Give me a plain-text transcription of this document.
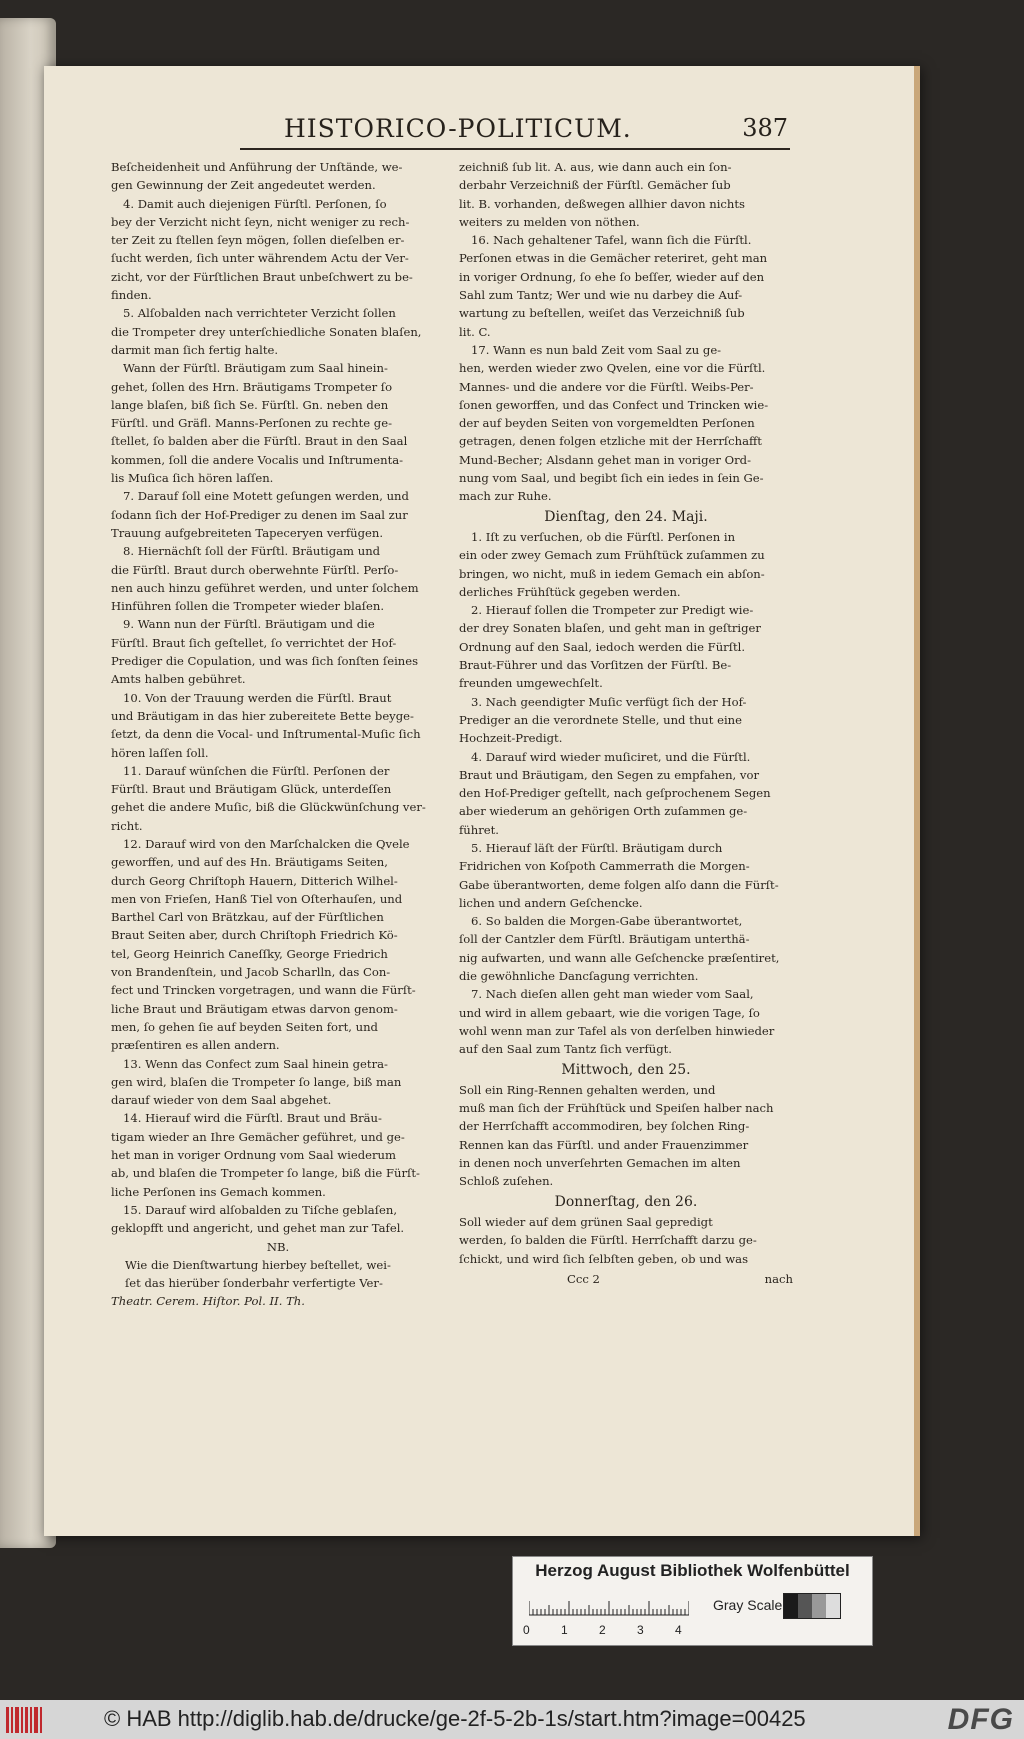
HISTORICO-POLITICUM.	387

Beſcheidenheit und Anführung der Unſtände, we-

gen Gewinnung der Zeit angedeutet werden.

4. Damit auch diejenigen Fürſtl. Perſonen, ſo

bey der Verzicht nicht ſeyn, nicht weniger zu rech-

ter Zeit zu ſtellen ſeyn mögen, ſollen dieſelben er-

ſucht werden, ſich unter währendem Actu der Ver-

zicht, vor der Fürſtlichen Braut unbeſchwert zu be-

finden.

5. Alſobalden nach verrichteter Verzicht ſollen

die Trompeter drey unterſchiedliche Sonaten blaſen,

darmit man ſich fertig halte.

Wann der Fürſtl. Bräutigam zum Saal hinein-

gehet, ſollen des Hrn. Bräutigams Trompeter ſo

lange blaſen, biß ſich Se. Fürſtl. Gn. neben den

Fürſtl. und Gräfl. Manns-Perſonen zu rechte ge-

ſtellet, ſo balden aber die Fürſtl. Braut in den Saal

kommen, ſoll die andere Vocalis und Inſtrumenta-

lis Muſica ſich hören laſſen.

7. Darauf ſoll eine Motett geſungen werden, und

ſodann ſich der Hof-Prediger zu denen im Saal zur

Trauung aufgebreiteten Tapeceryen verfügen.

8. Hiernächſt ſoll der Fürſtl. Bräutigam und

die Fürſtl. Braut durch oberwehnte Fürſtl. Perſo-

nen auch hinzu geführet werden, und unter ſolchem

Hinführen ſollen die Trompeter wieder blaſen.

9. Wann nun der Fürſtl. Bräutigam und die

Fürſtl. Braut ſich geſtellet, ſo verrichtet der Hof-

Prediger die Copulation, und was ſich ſonſten ſeines

Amts halben gebühret.

10. Von der Trauung werden die Fürſtl. Braut

und Bräutigam in das hier zubereitete Bette beyge-

ſetzt, da denn die Vocal- und Inſtrumental-Muſic ſich

hören laſſen ſoll.

11. Darauf wünſchen die Fürſtl. Perſonen der

Fürſtl. Braut und Bräutigam Glück, unterdeſſen

gehet die andere Muſic, biß die Glückwünſchung ver-

richt.

12. Darauf wird von den Marſchalcken die Qvele

geworffen, und auf des Hn. Bräutigams Seiten,

durch Georg Chriſtoph Hauern, Ditterich Wilhel-

men von Frieſen, Hanß Tiel von Oſterhauſen, und

Barthel Carl von Brätzkau, auf der Fürſtlichen

Braut Seiten aber, durch Chriſtoph Friedrich Kö-

tel, Georg Heinrich Caneſſky, George Friedrich

von Brandenſtein, und Jacob Scharlln, das Con-

fect und Trincken vorgetragen, und wann die Fürſt-

liche Braut und Bräutigam etwas darvon genom-

men, ſo gehen ſie auf beyden Seiten fort, und

præſentiren es allen andern.

13. Wenn das Confect zum Saal hinein getra-

gen wird, blaſen die Trompeter ſo lange, biß man

darauf wieder von dem Saal abgehet.

14. Hierauf wird die Fürſtl. Braut und Bräu-

tigam wieder an Ihre Gemächer geführet, und ge-

het man in voriger Ordnung vom Saal wiederum

ab, und blaſen die Trompeter ſo lange, biß die Fürſt-

liche Perſonen ins Gemach kommen.

15. Darauf wird alſobalden zu Tiſche geblaſen,

geklopfft und angericht, und gehet man zur Tafel.

NB.

Wie die Dienſtwartung hierbey beſtellet, wei-

ſet das hierüber ſonderbahr verfertigte Ver-

Theatr. Cerem. Hiſtor. Pol. II. Th.

zeichniß ſub lit. A. aus, wie dann auch ein ſon-

derbahr Verzeichniß der Fürſtl. Gemächer ſub

lit. B. vorhanden, deßwegen allhier davon nichts

weiters zu melden von nöthen.

16. Nach gehaltener Tafel, wann ſich die Fürſtl.

Perſonen etwas in die Gemächer reteriret, geht man

in voriger Ordnung, ſo ehe ſo beſſer, wieder auf den

Sahl zum Tantz; Wer und wie nu darbey die Auf-

wartung zu beſtellen, weiſet das Verzeichniß ſub

lit. C.

17. Wann es nun bald Zeit vom Saal zu ge-

hen, werden wieder zwo Qvelen, eine vor die Fürſtl.

Mannes- und die andere vor die Fürſtl. Weibs-Per-

ſonen geworffen, und das Confect und Trincken wie-

der auf beyden Seiten von vorgemeldten Perſonen

getragen, denen folgen etzliche mit der Herrſchafft

Mund-Becher; Alsdann gehet man in voriger Ord-

nung vom Saal, und begibt ſich ein iedes in ſein Ge-

mach zur Ruhe.

Dienſtag, den 24. Maji.

1. Iſt zu verſuchen, ob die Fürſtl. Perſonen in

ein oder zwey Gemach zum Frühſtück zuſammen zu

bringen, wo nicht, muß in iedem Gemach ein abſon-

derliches Frühſtück gegeben werden.

2. Hierauf ſollen die Trompeter zur Predigt wie-

der drey Sonaten blaſen, und geht man in geſtriger

Ordnung auf den Saal, iedoch werden die Fürſtl.

Braut-Führer und das Vorſitzen der Fürſtl. Be-

freunden umgewechſelt.

3. Nach geendigter Muſic verfügt ſich der Hof-

Prediger an die verordnete Stelle, und thut eine

Hochzeit-Predigt.

4. Darauf wird wieder muſiciret, und die Fürſtl.

Braut und Bräutigam, den Segen zu empfahen, vor

den Hof-Prediger geſtellt, nach geſprochenem Segen

aber wiederum an gehörigen Orth zuſammen ge-

führet.

5. Hierauf läſt der Fürſtl. Bräutigam durch

Fridrichen von Koſpoth Cammerrath die Morgen-

Gabe überantworten, deme folgen alſo dann die Fürſt-

lichen und andern Geſchencke.

6. So balden die Morgen-Gabe überantwortet,

ſoll der Cantzler dem Fürſtl. Bräutigam unterthä-

nig aufwarten, und wann alle Geſchencke præſentiret,

die gewöhnliche Dancſagung verrichten.

7. Nach dieſen allen geht man wieder vom Saal,

und wird in allem gebaart, wie die vorigen Tage, ſo

wohl wenn man zur Tafel als von derſelben hinwieder

auf den Saal zum Tantz ſich verfügt.

Mittwoch, den 25.

Soll ein Ring-Rennen gehalten werden, und

muß man ſich der Frühſtück und Speiſen halber nach

der Herrſchafft accommodiren, bey ſolchen Ring-

Rennen kan das Fürſtl. und ander Frauenzimmer

in denen noch unverſehrten Gemachen im alten

Schloß zuſehen.

Donnerſtag, den 26.

Soll wieder auf dem grünen Saal gepredigt

werden, ſo balden die Fürſtl. Herrſchafft darzu ge-

ſchickt, und wird ſich ſelbſten geben, ob und was

Ccc 2	nach
Herzog August Bibliothek Wolfenbüttel
0	1	2	3	4
Gray Scale
© HAB http://diglib.hab.de/drucke/ge-2f-5-2b-1s/start.htm?image=00425	DFG
